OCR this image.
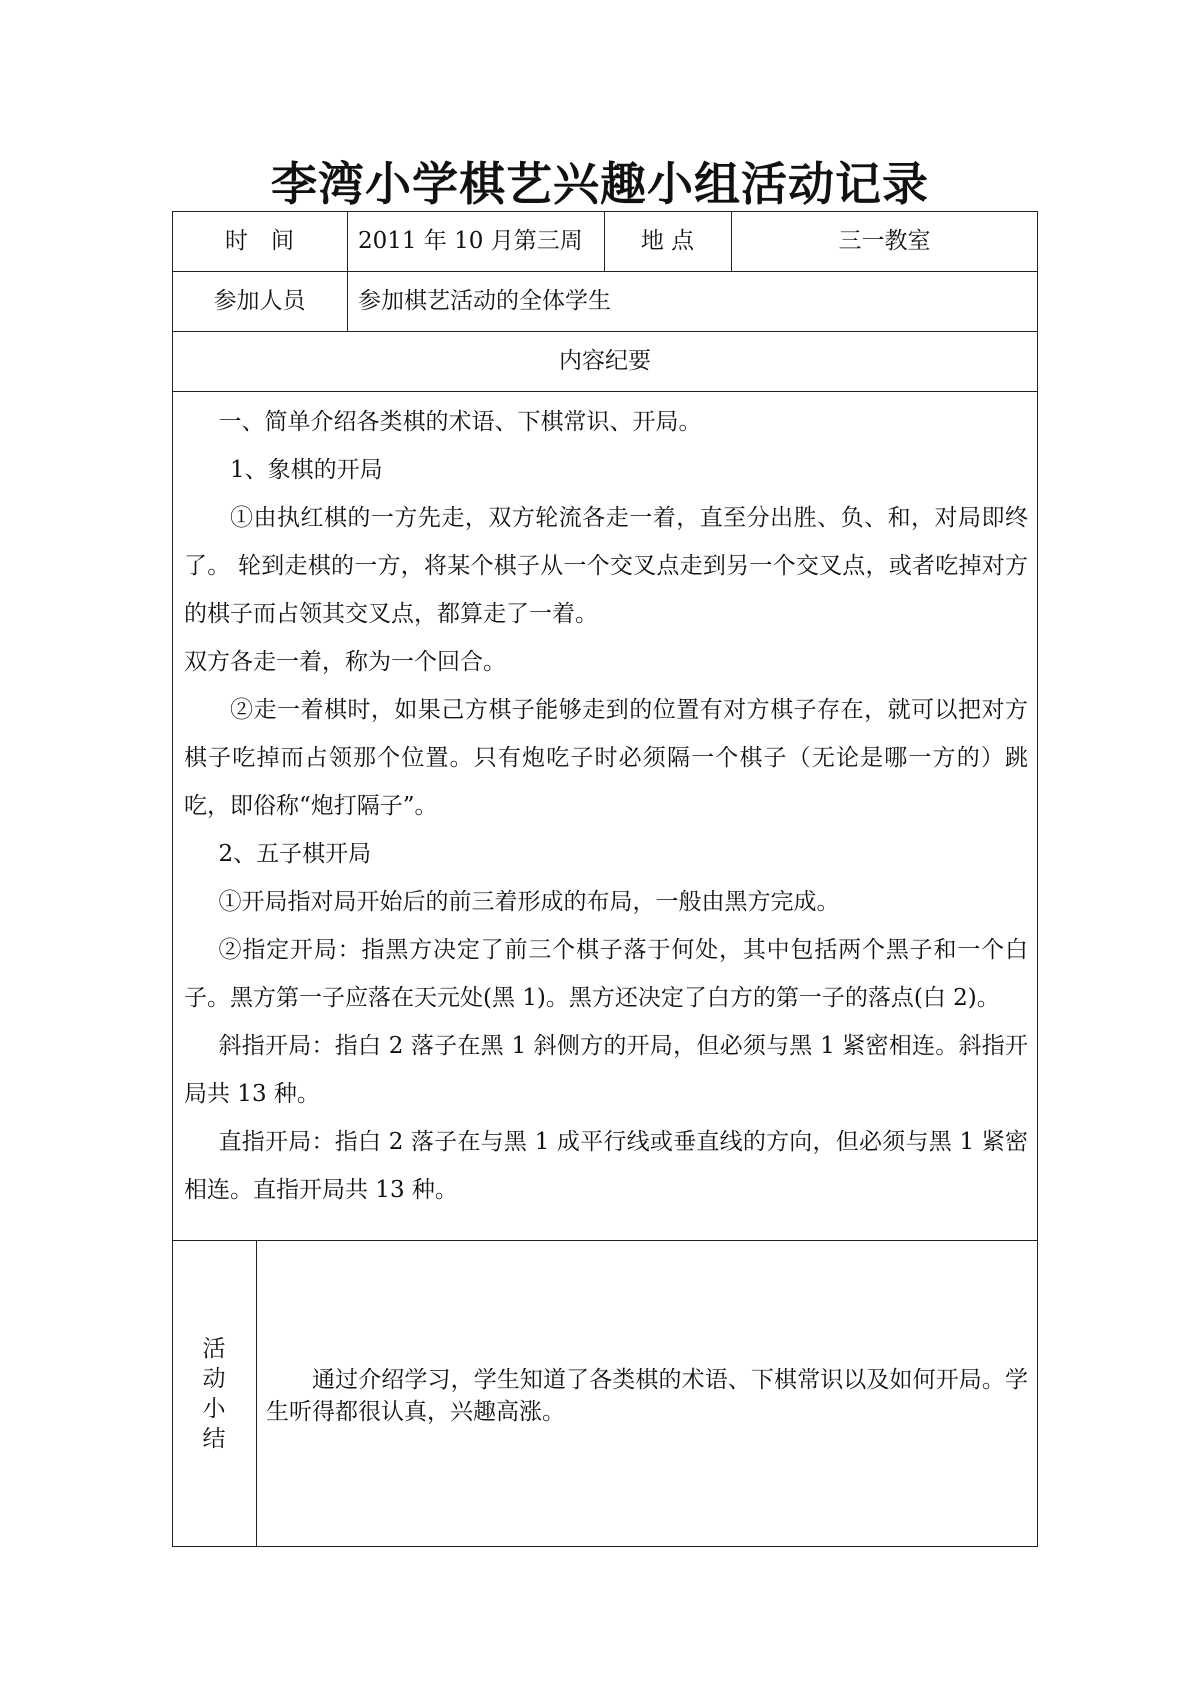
李湾小学棋艺兴趣小组活动记录
时　间	2011 年 10 月第三周	地 点	三一教室
参加人员	参加棋艺活动的全体学生
内容纪要

一、简单介绍各类棋的术语、下棋常识、开局。

1、象棋的开局

①由执红棋的一方先走，双方轮流各走一着，直至分出胜、负、和，对局即终了。 轮到走棋的一方，将某个棋子从一个交叉点走到另一个交叉点，或者吃掉对方的棋子而占领其交叉点，都算走了一着。

双方各走一着，称为一个回合。

②走一着棋时，如果己方棋子能够走到的位置有对方棋子存在，就可以把对方棋子吃掉而占领那个位置。只有炮吃子时必须隔一个棋子（无论是哪一方的）跳吃，即俗称“炮打隔子”。

2、五子棋开局

①开局指对局开始后的前三着形成的布局，一般由黑方完成。

②指定开局：指黑方决定了前三个棋子落于何处，其中包括两个黑子和一个白子。黑方第一子应落在天元处(黑 1)。黑方还决定了白方的第一子的落点(白 2)。

斜指开局：指白 2 落子在黑 1 斜侧方的开局，但必须与黑 1 紧密相连。斜指开局共 13 种。

直指开局：指白 2 落子在与黑 1 成平行线或垂直线的方向，但必须与黑 1 紧密相连。直指开局共 13 种。

活
动
小
结

通过介绍学习，学生知道了各类棋的术语、下棋常识以及如何开局。学生听得都很认真，兴趣高涨。
